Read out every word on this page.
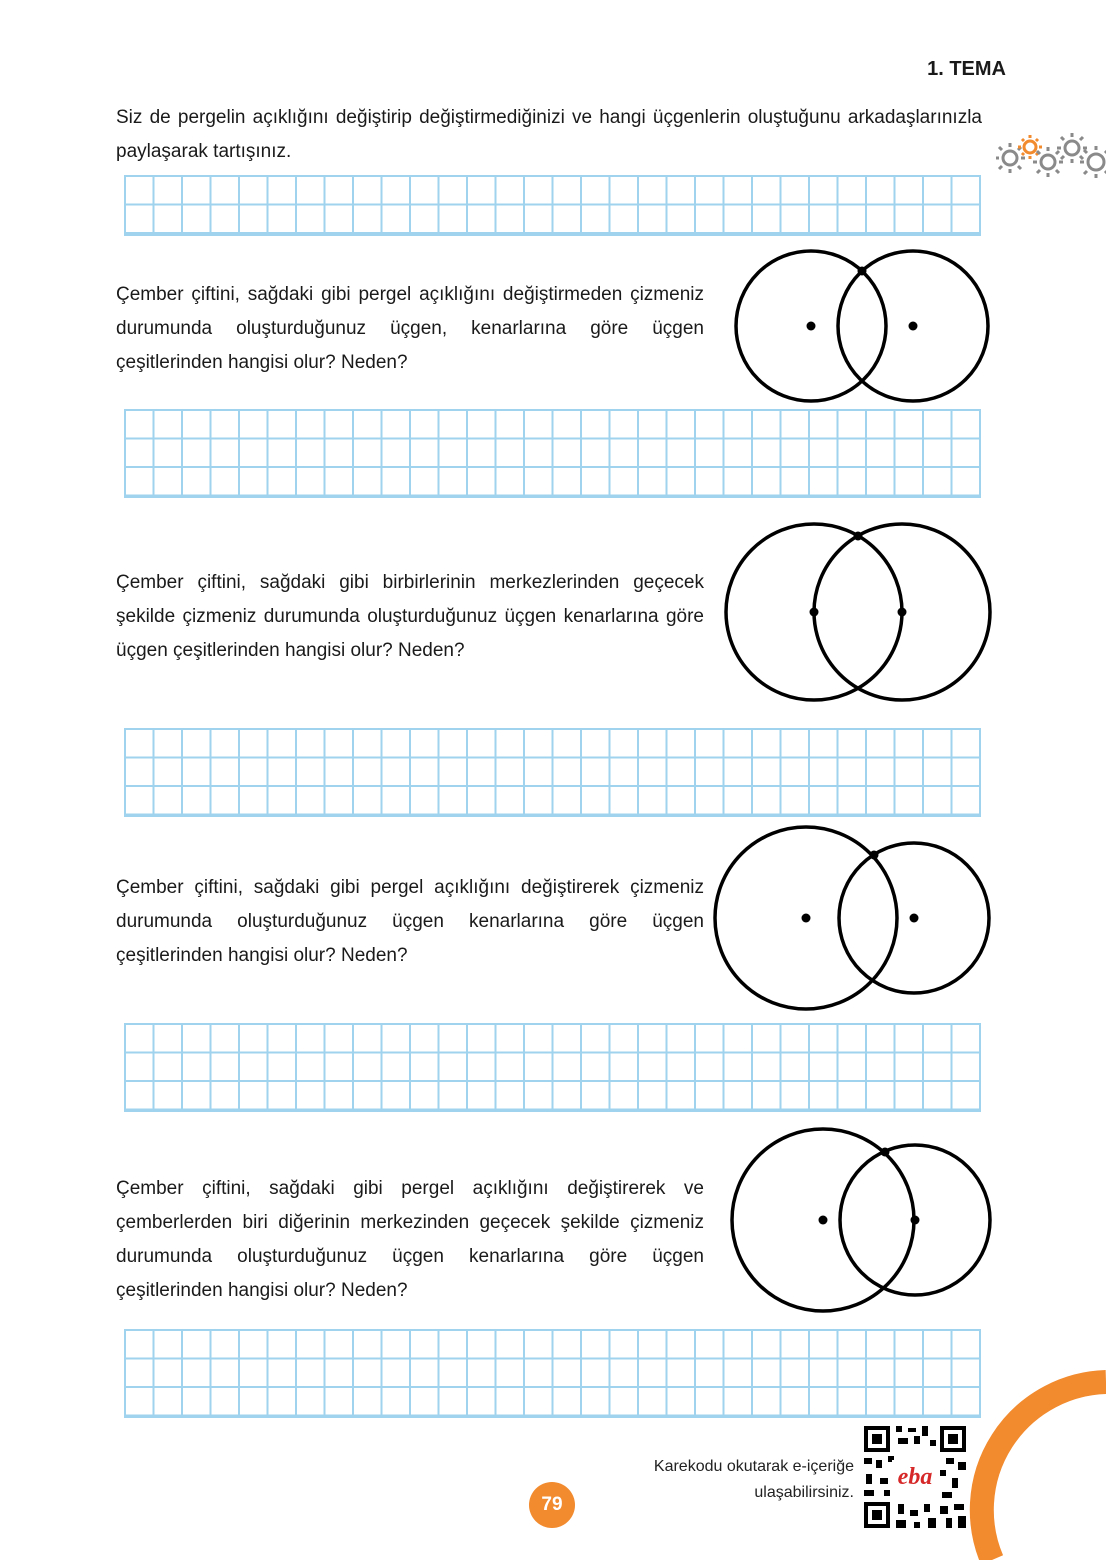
1. TEMA
Siz de pergelin açıklığını değiştirip değiştirmediğinizi ve hangi üçgenlerin oluştuğunu arkadaşlarınızla paylaşarak tartışınız.
Çember çiftini, sağdaki gibi pergel açıklığını değiştirmeden çizmeniz durumunda oluşturduğunuz üçgen, kenarlarına göre üçgen çeşitlerinden hangisi olur? Neden?
Çember çiftini, sağdaki gibi birbirlerinin merkezlerinden geçecek şekilde çizmeniz durumunda oluşturduğunuz üçgen kenarlarına göre üçgen çeşitlerinden hangisi olur? Neden?
Çember çiftini, sağdaki gibi pergel açıklığını değiştirerek çizmeniz durumunda oluşturduğunuz üçgen kenarlarına göre üçgen çeşitlerinden hangisi olur? Neden?
Çember çiftini, sağdaki gibi pergel açıklığını değiştirerek ve çemberlerden biri diğerinin merkezinden geçecek şekilde çizmeniz durumunda oluşturduğunuz üçgen kenarlarına göre üçgen çeşitlerinden hangisi olur? Neden?
Karekodu okutarak e-içeriğe
ulaşabilirsiniz.
eba
79
